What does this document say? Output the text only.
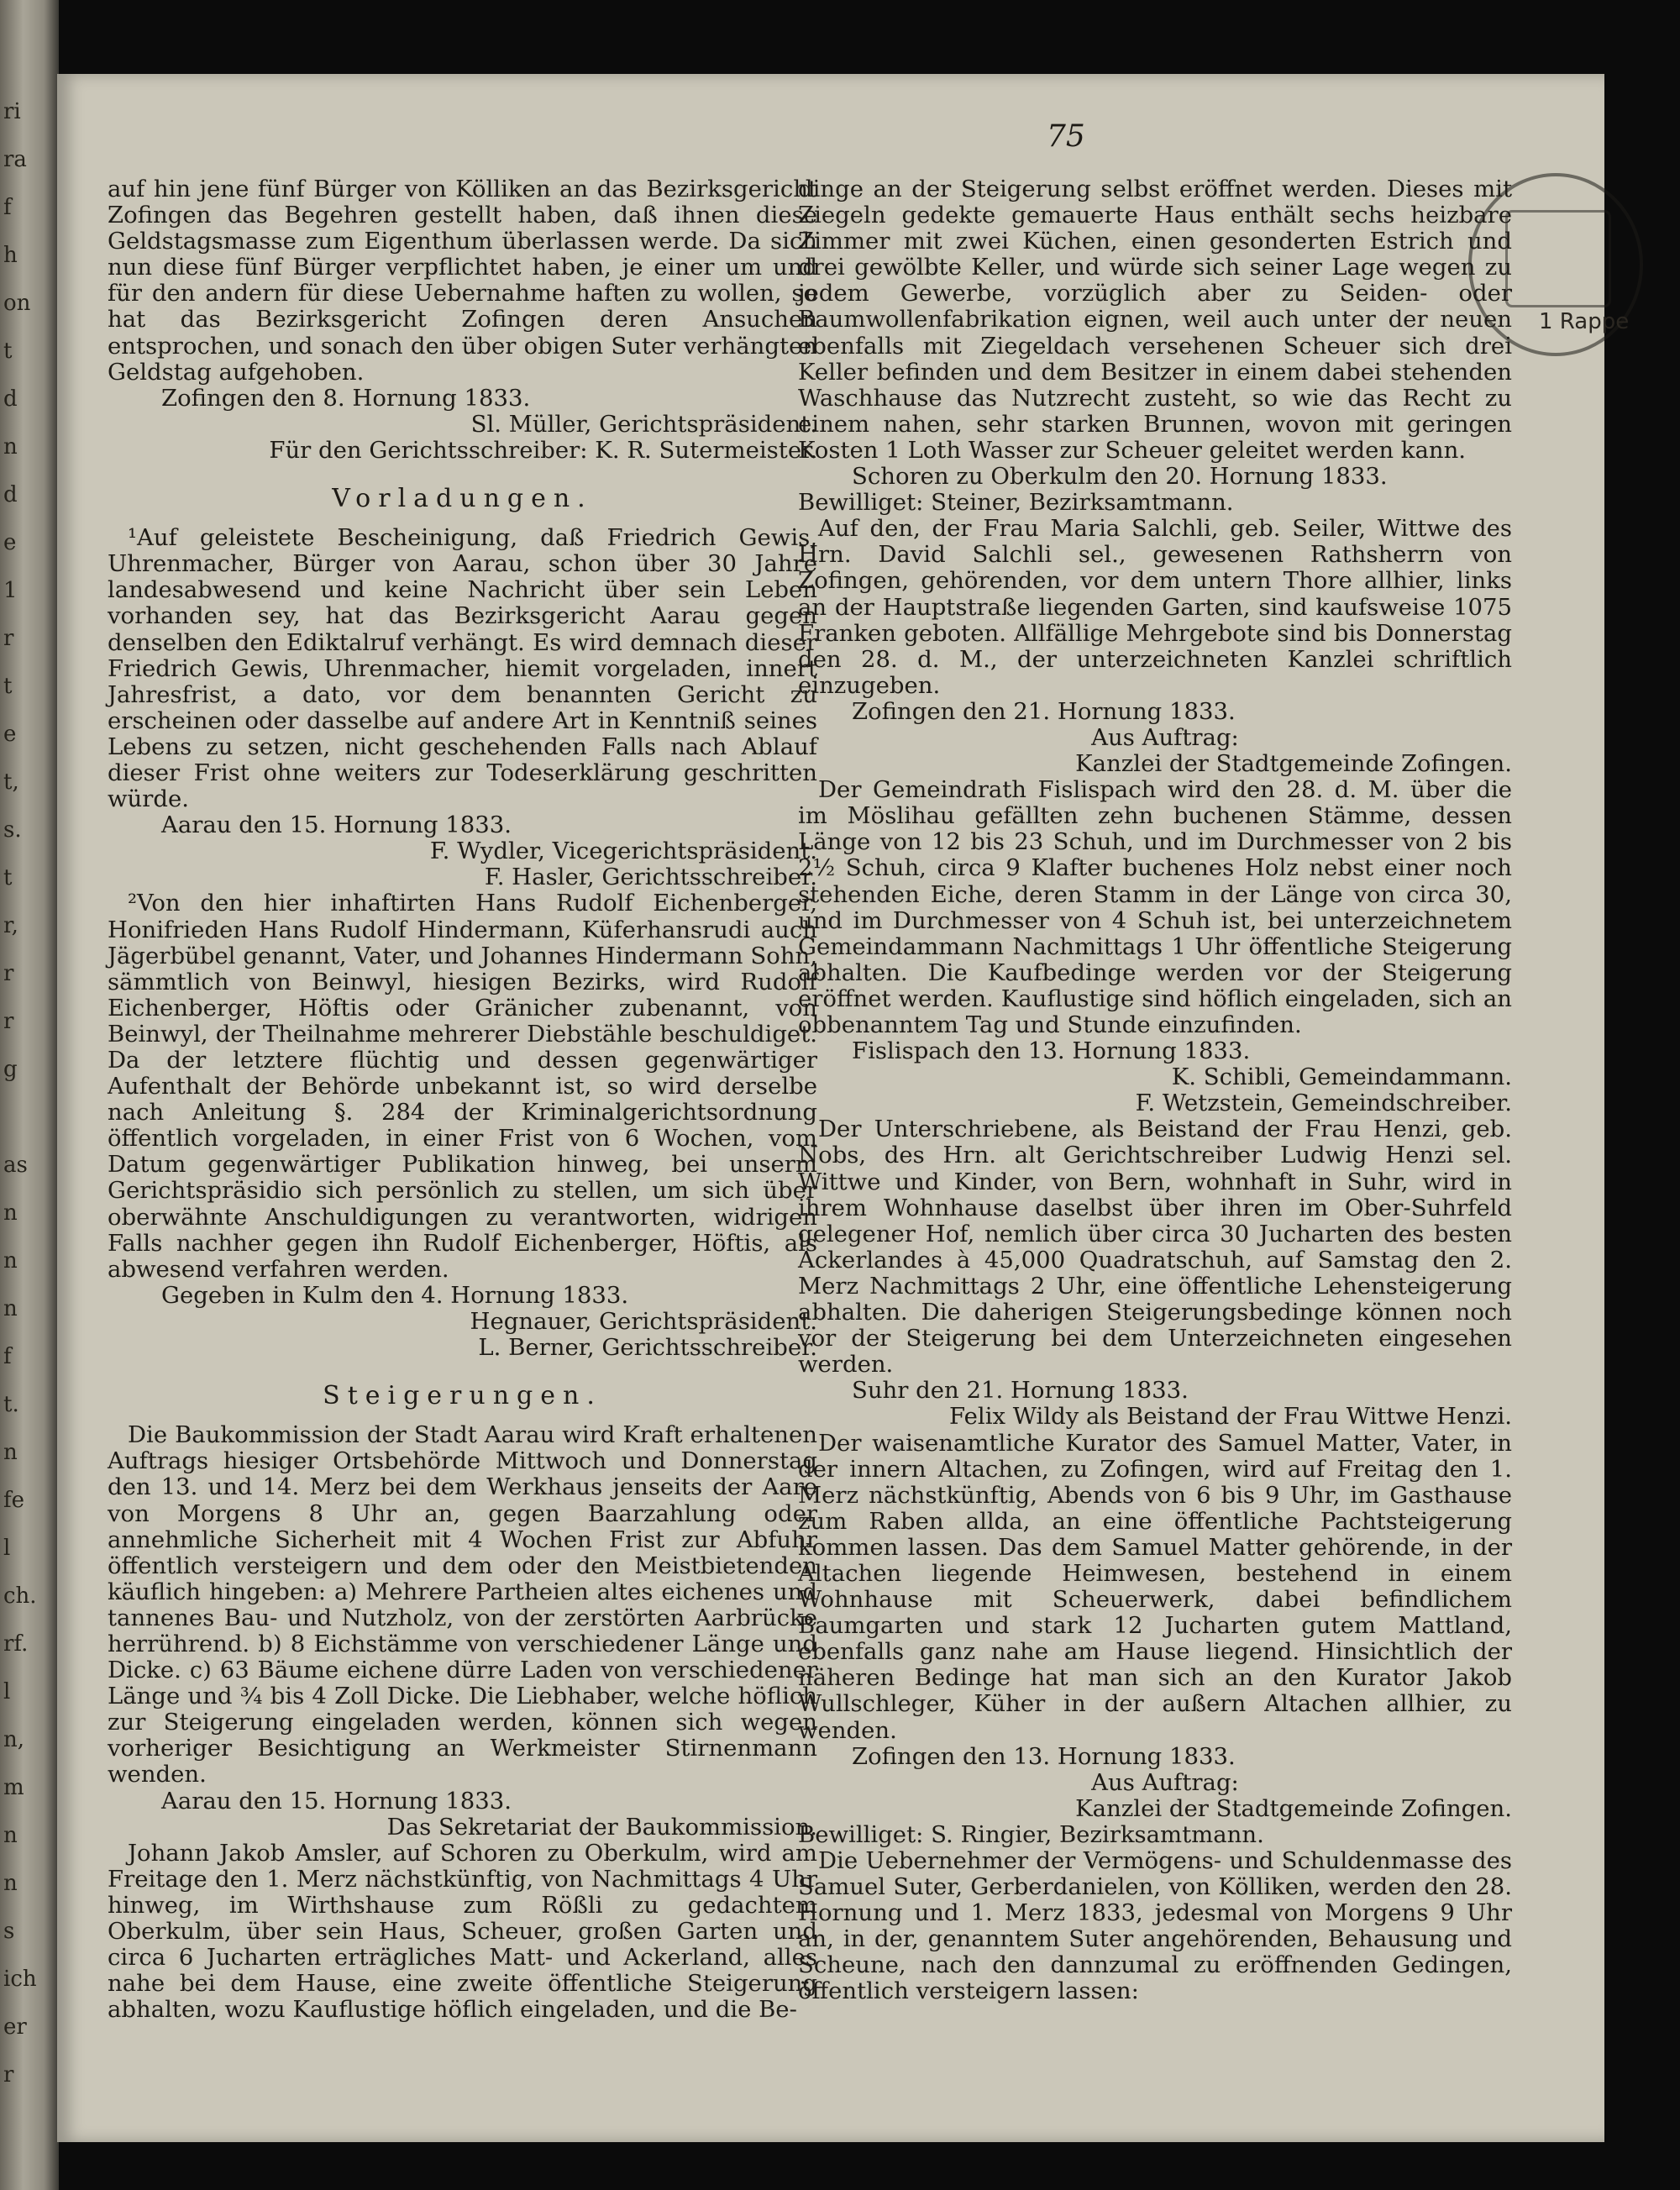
ri
ra
f
h
on
t
d
n
d
e
1
r
t
e
t,
s.
t
r,
r
r
g
as
n
n
n
f
t.
n
fe
l
ch.
rf.
l
n,
m
n
n
s
ich
er
r
75
1 Rappe

auf hin jene fünf Bürger von Kölliken an das Bezirksgericht Zofingen das Begehren gestellt haben, daß ihnen diese Geldstagsmasse zum Eigenthum überlassen werde. Da sich nun diese fünf Bürger verpflichtet haben, je einer um und für den andern für diese Uebernahme haften zu wollen, so hat das Bezirksgericht Zofingen deren Ansuchen entsprochen, und sonach den über obigen Suter verhängten Geldstag aufgehoben.

Zofingen den 8. Hornung 1833.

Sl. Müller, Gerichtspräsident.

Für den Gerichtsschreiber: K. R. Sutermeister.

Vorladungen.

¹Auf geleistete Bescheinigung, daß Friedrich Gewis, Uhrenmacher, Bürger von Aarau, schon über 30 Jahre landesabwesend und keine Nachricht über sein Leben vorhanden sey, hat das Bezirksgericht Aarau gegen denselben den Ediktalruf verhängt. Es wird demnach dieser Friedrich Gewis, Uhrenmacher, hiemit vorgeladen, innert Jahresfrist, a dato, vor dem benannten Gericht zu erscheinen oder dasselbe auf andere Art in Kenntniß seines Lebens zu setzen, nicht geschehenden Falls nach Ablauf dieser Frist ohne weiters zur Todeserklärung geschritten würde.

Aarau den 15. Hornung 1833.

F. Wydler, Vicegerichtspräsident.

F. Hasler, Gerichtsschreiber.

²Von den hier inhaftirten Hans Rudolf Eichenberger, Honifrieden Hans Rudolf Hindermann, Küferhansrudi auch Jägerbübel genannt, Vater, und Johannes Hindermann Sohn, sämmtlich von Beinwyl, hiesigen Bezirks, wird Rudolf Eichenberger, Höftis oder Gränicher zubenannt, von Beinwyl, der Theilnahme mehrerer Diebstähle beschuldiget. Da der letztere flüchtig und dessen gegenwärtiger Aufenthalt der Behörde unbekannt ist, so wird derselbe nach Anleitung §. 284 der Kriminalgerichtsordnung öffentlich vorgeladen, in einer Frist von 6 Wochen, vom Datum gegenwärtiger Publikation hinweg, bei unserm Gerichtspräsidio sich persönlich zu stellen, um sich über oberwähnte Anschuldigungen zu verantworten, widrigen Falls nachher gegen ihn Rudolf Eichenberger, Höftis, als abwesend verfahren werden.

Gegeben in Kulm den 4. Hornung 1833.

Hegnauer, Gerichtspräsident.

L. Berner, Gerichtsschreiber.

Steigerungen.

Die Baukommission der Stadt Aarau wird Kraft erhaltenen Auftrags hiesiger Ortsbehörde Mittwoch und Donnerstag den 13. und 14. Merz bei dem Werkhaus jenseits der Aare von Morgens 8 Uhr an, gegen Baarzahlung oder annehmliche Sicherheit mit 4 Wochen Frist zur Abfuhr öffentlich versteigern und dem oder den Meistbietenden käuflich hingeben: a) Mehrere Partheien altes eichenes und tannenes Bau- und Nutzholz, von der zerstörten Aarbrücke herrührend. b) 8 Eichstämme von verschiedener Länge und Dicke. c) 63 Bäume eichene dürre Laden von verschiedener Länge und ¾ bis 4 Zoll Dicke. Die Liebhaber, welche höflich zur Steigerung eingeladen werden, können sich wegen vorheriger Besichtigung an Werkmeister Stirnenmann wenden.

Aarau den 15. Hornung 1833.

Das Sekretariat der Baukommission.

Johann Jakob Amsler, auf Schoren zu Oberkulm, wird am Freitage den 1. Merz nächstkünftig, von Nachmittags 4 Uhr hinweg, im Wirthshause zum Rößli zu gedachtem Oberkulm, über sein Haus, Scheuer, großen Garten und circa 6 Jucharten erträgliches Matt- und Ackerland, alles nahe bei dem Hause, eine zweite öffentliche Steigerung abhalten, wozu Kauflustige höflich eingeladen, und die Be-

dinge an der Steigerung selbst eröffnet werden. Dieses mit Ziegeln gedekte gemauerte Haus enthält sechs heizbare Zimmer mit zwei Küchen, einen gesonderten Estrich und drei gewölbte Keller, und würde sich seiner Lage wegen zu jedem Gewerbe, vorzüglich aber zu Seiden- oder Baumwollenfabrikation eignen, weil auch unter der neuen ebenfalls mit Ziegeldach versehenen Scheuer sich drei Keller befinden und dem Besitzer in einem dabei stehenden Waschhause das Nutzrecht zusteht, so wie das Recht zu einem nahen, sehr starken Brunnen, wovon mit geringen Kosten 1 Loth Wasser zur Scheuer geleitet werden kann.

Schoren zu Oberkulm den 20. Hornung 1833.

Bewilliget: Steiner, Bezirksamtmann.

Auf den, der Frau Maria Salchli, geb. Seiler, Wittwe des Hrn. David Salchli sel., gewesenen Rathsherrn von Zofingen, gehörenden, vor dem untern Thore allhier, links an der Hauptstraße liegenden Garten, sind kaufsweise 1075 Franken geboten. Allfällige Mehrgebote sind bis Donnerstag den 28. d. M., der unterzeichneten Kanzlei schriftlich einzugeben.

Zofingen den 21. Hornung 1833.

Aus Auftrag:

Kanzlei der Stadtgemeinde Zofingen.

Der Gemeindrath Fislispach wird den 28. d. M. über die im Möslihau gefällten zehn buchenen Stämme, dessen Länge von 12 bis 23 Schuh, und im Durchmesser von 2 bis 2½ Schuh, circa 9 Klafter buchenes Holz nebst einer noch stehenden Eiche, deren Stamm in der Länge von circa 30, und im Durchmesser von 4 Schuh ist, bei unterzeichnetem Gemeindammann Nachmittags 1 Uhr öffentliche Steigerung abhalten. Die Kaufbedinge werden vor der Steigerung eröffnet werden. Kauflustige sind höflich eingeladen, sich an obbenanntem Tag und Stunde einzufinden.

Fislispach den 13. Hornung 1833.

K. Schibli, Gemeindammann.

F. Wetzstein, Gemeindschreiber.

Der Unterschriebene, als Beistand der Frau Henzi, geb. Nobs, des Hrn. alt Gerichtschreiber Ludwig Henzi sel. Wittwe und Kinder, von Bern, wohnhaft in Suhr, wird in ihrem Wohnhause daselbst über ihren im Ober-Suhrfeld gelegener Hof, nemlich über circa 30 Jucharten des besten Ackerlandes à 45,000 Quadratschuh, auf Samstag den 2. Merz Nachmittags 2 Uhr, eine öffentliche Lehensteigerung abhalten. Die daherigen Steigerungsbedinge können noch vor der Steigerung bei dem Unterzeichneten eingesehen werden.

Suhr den 21. Hornung 1833.

Felix Wildy als Beistand der Frau Wittwe Henzi.

Der waisenamtliche Kurator des Samuel Matter, Vater, in der innern Altachen, zu Zofingen, wird auf Freitag den 1. Merz nächstkünftig, Abends von 6 bis 9 Uhr, im Gasthause zum Raben allda, an eine öffentliche Pachtsteigerung kommen lassen. Das dem Samuel Matter gehörende, in der Altachen liegende Heimwesen, bestehend in einem Wohnhause mit Scheuerwerk, dabei befindlichem Baumgarten und stark 12 Jucharten gutem Mattland, ebenfalls ganz nahe am Hause liegend. Hinsichtlich der näheren Bedinge hat man sich an den Kurator Jakob Wullschleger, Küher in der außern Altachen allhier, zu wenden.

Zofingen den 13. Hornung 1833.

Aus Auftrag:

Kanzlei der Stadtgemeinde Zofingen.

Bewilliget: S. Ringier, Bezirksamtmann.

Die Uebernehmer der Vermögens- und Schuldenmasse des Samuel Suter, Gerberdanielen, von Kölliken, werden den 28. Hornung und 1. Merz 1833, jedesmal von Morgens 9 Uhr an, in der, genanntem Suter angehörenden, Behausung und Scheune, nach den dannzumal zu eröffnenden Gedingen, öffentlich versteigern lassen:
